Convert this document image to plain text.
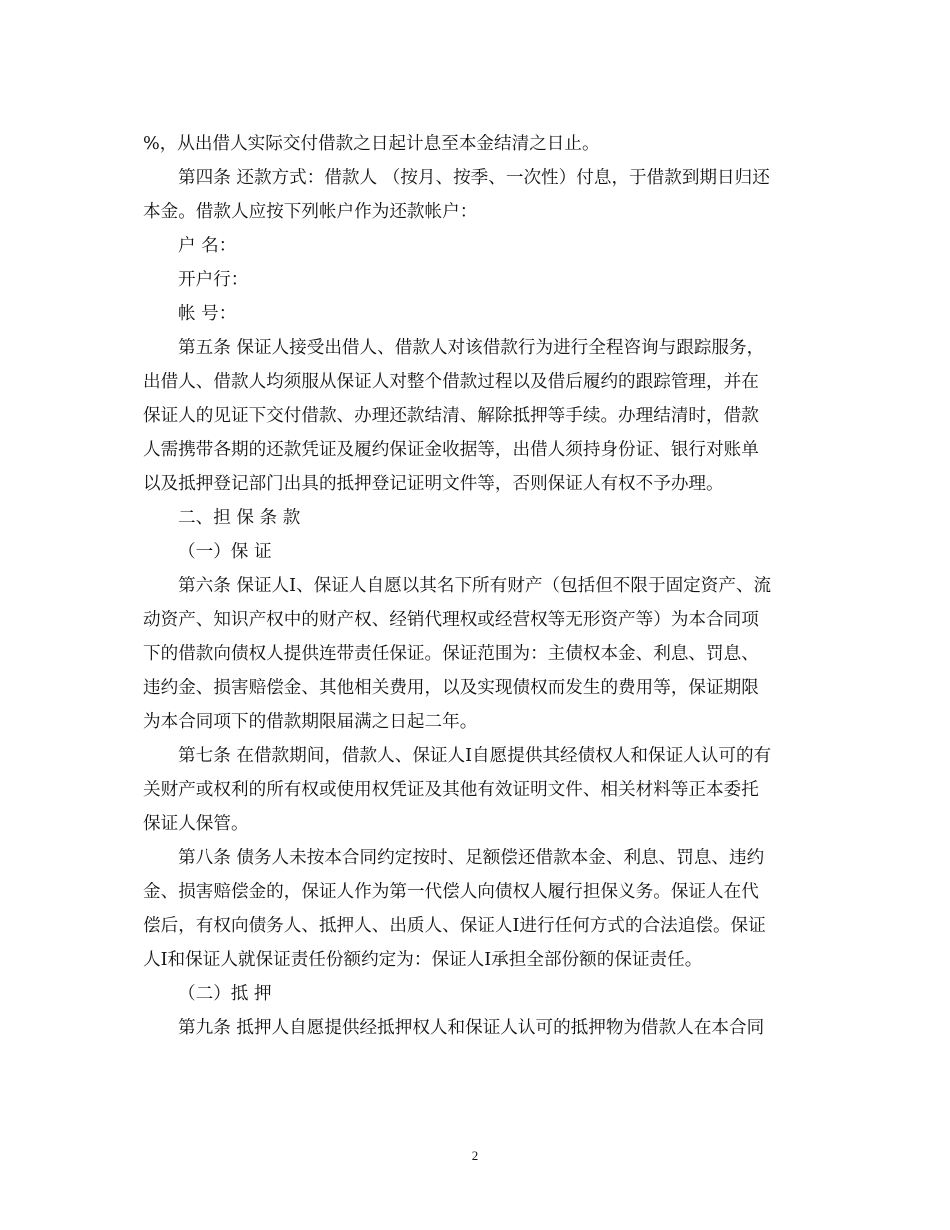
%，从出借人实际交付借款之日起计息至本金结清之日止。
第四条 还款方式：借款人 （按月、按季、一次性）付息，于借款到期日归还
本金。借款人应按下列帐户作为还款帐户：
户 名：
开户行：
帐 号：
第五条 保证人接受出借人、借款人对该借款行为进行全程咨询与跟踪服务，
出借人、借款人均须服从保证人对整个借款过程以及借后履约的跟踪管理，并在
保证人的见证下交付借款、办理还款结清、解除抵押等手续。办理结清时，借款
人需携带各期的还款凭证及履约保证金收据等，出借人须持身份证、银行对账单
以及抵押登记部门出具的抵押登记证明文件等，否则保证人有权不予办理。
二、担 保 条 款
（一）保 证
第六条 保证人I、保证人自愿以其名下所有财产（包括但不限于固定资产、流
动资产、知识产权中的财产权、经销代理权或经营权等无形资产等）为本合同项
下的借款向债权人提供连带责任保证。保证范围为：主债权本金、利息、罚息、
违约金、损害赔偿金、其他相关费用，以及实现债权而发生的费用等，保证期限
为本合同项下的借款期限届满之日起二年。
第七条 在借款期间，借款人、保证人I自愿提供其经债权人和保证人认可的有
关财产或权利的所有权或使用权凭证及其他有效证明文件、相关材料等正本委托
保证人保管。
第八条 债务人未按本合同约定按时、足额偿还借款本金、利息、罚息、违约
金、损害赔偿金的，保证人作为第一代偿人向债权人履行担保义务。保证人在代
偿后，有权向债务人、抵押人、出质人、保证人I进行任何方式的合法追偿。保证
人I和保证人就保证责任份额约定为：保证人I承担全部份额的保证责任。
（二）抵 押
第九条 抵押人自愿提供经抵押权人和保证人认可的抵押物为借款人在本合同
2
